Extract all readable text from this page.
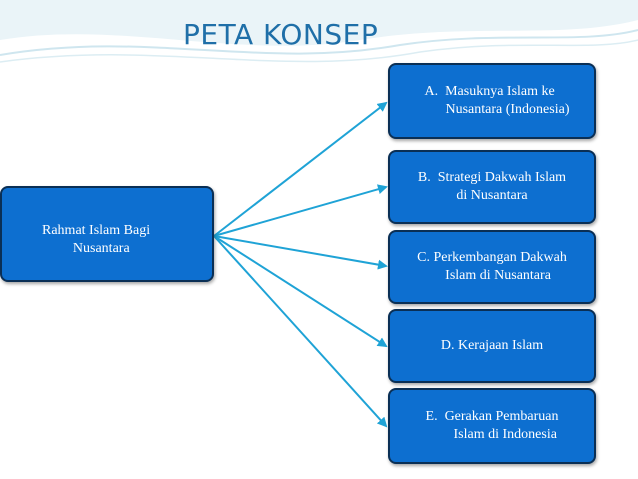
PETA KONSEP
Rahmat Islam Bagi
Nusantara
A.  Masuknya Islam ke
Nusantara (Indonesia)
B.  Strategi Dakwah Islam
di Nusantara
C. Perkembangan Dakwah
Islam di Nusantara
D. Kerajaan Islam
E.  Gerakan Pembaruan
Islam di Indonesia
